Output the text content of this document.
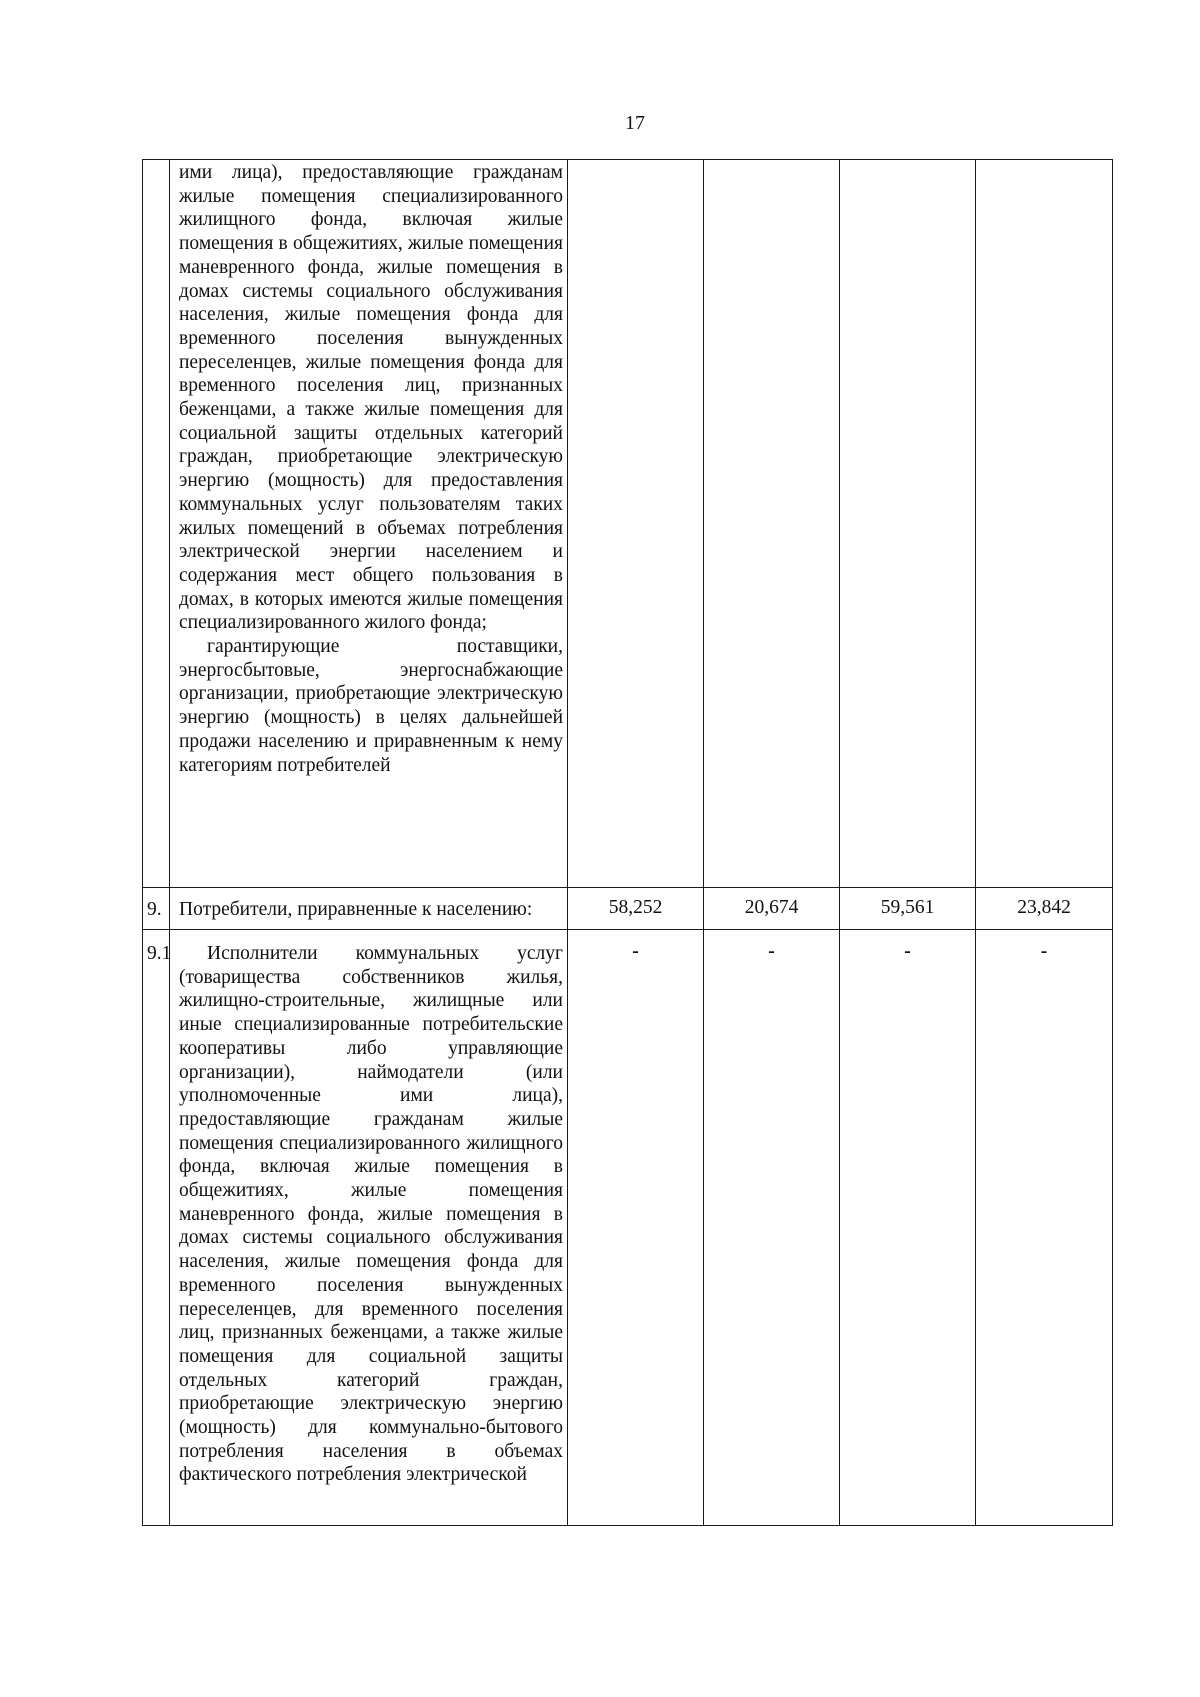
17

	ими лица), предоставляющие гражданам жилые помещения специализированного жилищного фонда, включая жилые помещения в общежитиях, жилые помещения маневренного фонда, жилые помещения в домах системы социального обслуживания населения, жилые помещения фонда для временного поселения вынужденных переселенцев, жилые помещения фонда для временного поселения лиц, признанных беженцами, а также жилые помещения для социальной защиты отдельных категорий граждан, приобретающие электрическую энергию (мощность) для предоставления коммунальных услуг пользователям таких жилых помещений в объемах потребления электрической энергии населением и содержания мест общего пользования в домах, в которых имеются жилые помещения специализированного жилого фонда;

гарантирующие поставщики, энергосбытовые, энергоснабжающие организации, приобретающие электрическую энергию (мощность) в целях дальнейшей продажи населению и приравненным к нему категориям потребителей				

9.	Потребители, приравненные к населению:	58,252	20,674	59,561	23,842
9.1	Исполнители коммунальных услуг (товарищества собственников жилья, жилищно-строительные, жилищные или иные специализированные потребительские кооперативы либо управляющие организации), наймодатели (или уполномоченные ими лица), предоставляющие гражданам жилые помещения специализированного жилищного фонда, включая жилые помещения в общежитиях, жилые помещения маневренного фонда, жилые помещения в домах системы социального обслуживания населения, жилые помещения фонда для временного поселения вынужденных переселенцев, для временного поселения лиц, признанных беженцами, а также жилые помещения для социальной защиты отдельных категорий граждан, приобретающие электрическую энергию (мощность) для коммунально-бытового потребления населения в объемах фактического потребления электрической	-	-	-	-
